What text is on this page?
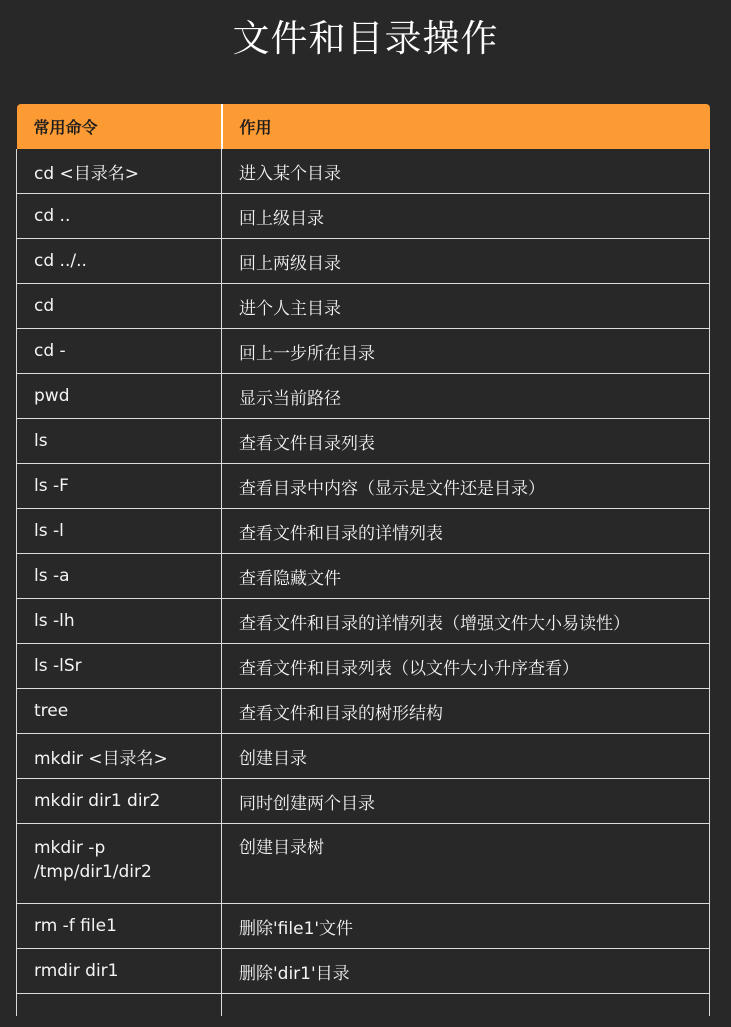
文件和目录操作
常用命令	作用
cd <目录名>	进入某个目录
cd ..	回上级目录
cd ../..	回上两级目录
cd	进个人主目录
cd -	回上一步所在目录
pwd	显示当前路径
ls	查看文件目录列表
ls -F	查看目录中内容（显示是文件还是目录）
ls -l	查看文件和目录的详情列表
ls -a	查看隐藏文件
ls -lh	查看文件和目录的详情列表（增强文件大小易读性）
ls -lSr	查看文件和目录列表（以文件大小升序查看）
tree	查看文件和目录的树形结构
mkdir <目录名>	创建目录
mkdir dir1 dir2	同时创建两个目录
mkdir -p /tmp/dir1/dir2	创建目录树
rm -f file1	删除'file1'文件
rmdir dir1	删除'dir1'目录
